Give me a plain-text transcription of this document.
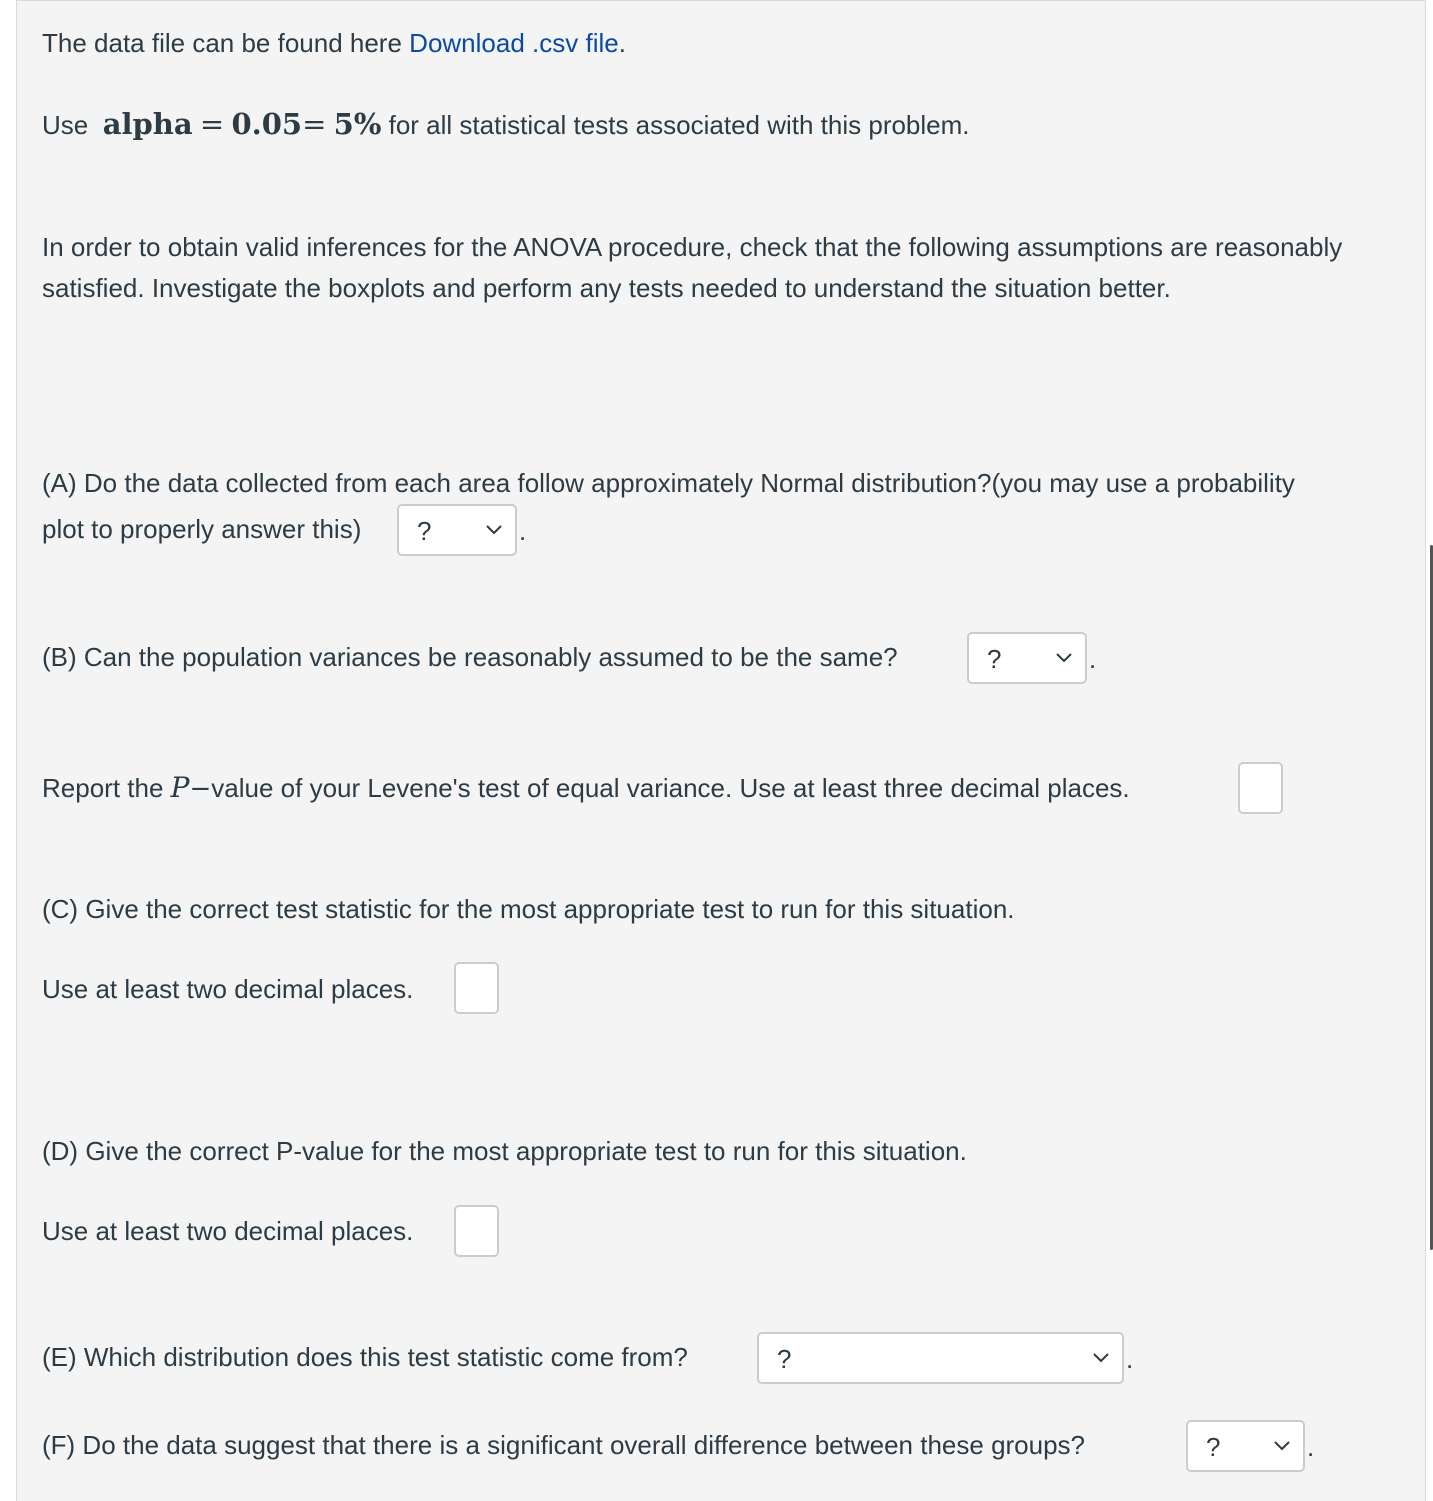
The data file can be found here Download .csv file.
Use alpha = 0.05= 5% for all statistical tests associated with this problem.
In order to obtain valid inferences for the ANOVA procedure, check that the following assumptions are reasonably satisfied. Investigate the boxplots and perform any tests needed to understand the situation better.
(A) Do the data collected from each area follow approximately Normal distribution?(you may use a probability
plot to properly answer this) ?	.
(B) Can the population variances be reasonably assumed to be the same?	?	.
Report the P−value of your Levene's test of equal variance. Use at least three decimal places.
(C) Give the correct test statistic for the most appropriate test to run for this situation.
Use at least two decimal places.
(D) Give the correct P-value for the most appropriate test to run for this situation.
Use at least two decimal places.
(E) Which distribution does this test statistic come from?	?	.
(F) Do the data suggest that there is a significant overall difference between these groups?	?	.
